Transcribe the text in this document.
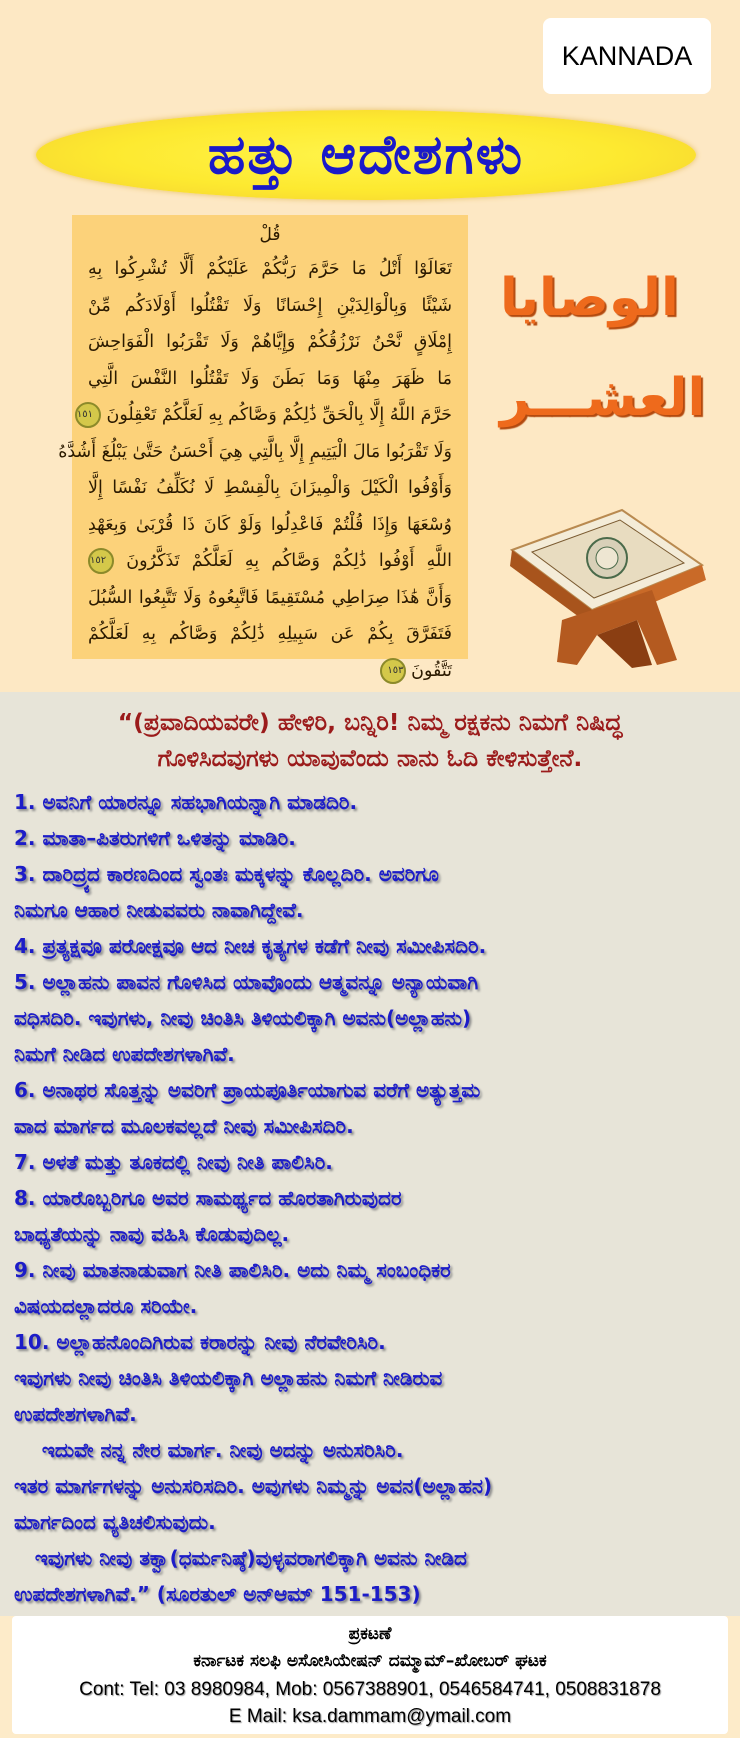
KANNADA
ಹತ್ತು ಆದೇಶಗಳು
قُلْ
تَعَالَوْا أَتْلُ مَا حَرَّمَ رَبُّكُمْ عَلَيْكُمْ أَلَّا تُشْرِكُوا بِهِ
شَيْئًا وَبِالْوَالِدَيْنِ إِحْسَانًا وَلَا تَقْتُلُوا أَوْلَادَكُم مِّنْ
إِمْلَاقٍ نَّحْنُ نَرْزُقُكُمْ وَإِيَّاهُمْ وَلَا تَقْرَبُوا الْفَوَاحِشَ
مَا ظَهَرَ مِنْهَا وَمَا بَطَنَ وَلَا تَقْتُلُوا النَّفْسَ الَّتِي
حَرَّمَ اللَّهُ إِلَّا بِالْحَقِّ ذَٰلِكُمْ وَصَّاكُم بِهِ لَعَلَّكُمْ تَعْقِلُونَ ١٥١
وَلَا تَقْرَبُوا مَالَ الْيَتِيمِ إِلَّا بِالَّتِي هِيَ أَحْسَنُ حَتَّىٰ يَبْلُغَ أَشُدَّهُ
وَأَوْفُوا الْكَيْلَ وَالْمِيزَانَ بِالْقِسْطِ لَا نُكَلِّفُ نَفْسًا إِلَّا
وُسْعَهَا وَإِذَا قُلْتُمْ فَاعْدِلُوا وَلَوْ كَانَ ذَا قُرْبَىٰ وَبِعَهْدِ
اللَّهِ أَوْفُوا ذَٰلِكُمْ وَصَّاكُم بِهِ لَعَلَّكُمْ تَذَكَّرُونَ ١٥٢
وَأَنَّ هَٰذَا صِرَاطِي مُسْتَقِيمًا فَاتَّبِعُوهُ وَلَا تَتَّبِعُوا السُّبُلَ
فَتَفَرَّقَ بِكُمْ عَن سَبِيلِهِ ذَٰلِكُمْ وَصَّاكُم بِهِ لَعَلَّكُمْ
تَتَّقُونَ ١٥٣
الوصايا
العشـــر
“(ಪ್ರವಾದಿಯವರೇ) ಹೇಳಿರಿ, ಬನ್ನಿರಿ! ನಿಮ್ಮ ರಕ್ಷಕನು ನಿಮಗೆ ನಿಷಿದ್ಧ
ಗೊಳಿಸಿದವುಗಳು ಯಾವುವೆಂದು ನಾನು ಓದಿ ಕೇಳಿಸುತ್ತೇನೆ.
1. ಅವನಿಗೆ ಯಾರನ್ನೂ ಸಹಭಾಗಿಯನ್ನಾಗಿ ಮಾಡದಿರಿ.
2. ಮಾತಾ–ಪಿತರುಗಳಿಗೆ ಒಳಿತನ್ನು ಮಾಡಿರಿ.
3. ದಾರಿದ್ರ್ಯದ ಕಾರಣದಿಂದ ಸ್ವಂತಃ ಮಕ್ಕಳನ್ನು ಕೊಲ್ಲದಿರಿ. ಅವರಿಗೂ
ನಿಮಗೂ ಆಹಾರ ನೀಡುವವರು ನಾವಾಗಿದ್ದೇವೆ.
4. ಪ್ರತ್ಯಕ್ಷವೂ ಪರೋಕ್ಷವೂ ಆದ ನೀಚ ಕೃತ್ಯಗಳ ಕಡೆಗೆ ನೀವು ಸಮೀಪಿಸದಿರಿ.
5. ಅಲ್ಲಾಹನು ಪಾವನ ಗೊಳಿಸಿದ ಯಾವೊಂದು ಆತ್ಮವನ್ನೂ ಅನ್ಯಾಯವಾಗಿ
ವಧಿಸದಿರಿ. ಇವುಗಳು, ನೀವು ಚಿಂತಿಸಿ ತಿಳಿಯಲಿಕ್ಕಾಗಿ ಅವನು(ಅಲ್ಲಾಹನು)
ನಿಮಗೆ ನೀಡಿದ ಉಪದೇಶಗಳಾಗಿವೆ.
6. ಅನಾಥರ ಸೊತ್ತನ್ನು ಅವರಿಗೆ ಪ್ರಾಯಪೂರ್ತಿಯಾಗುವ ವರೆಗೆ ಅತ್ಯುತ್ತಮ
ವಾದ ಮಾರ್ಗದ ಮೂಲಕವಲ್ಲದೆ ನೀವು ಸಮೀಪಿಸದಿರಿ.
7. ಅಳತೆ ಮತ್ತು ತೂಕದಲ್ಲಿ ನೀವು ನೀತಿ ಪಾಲಿಸಿರಿ.
8. ಯಾರೊಬ್ಬರಿಗೂ ಅವರ ಸಾಮರ್ಥ್ಯದ ಹೊರತಾಗಿರುವುದರ
ಬಾಧ್ಯತೆಯನ್ನು ನಾವು ವಹಿಸಿ ಕೊಡುವುದಿಲ್ಲ.
9. ನೀವು ಮಾತನಾಡುವಾಗ ನೀತಿ ಪಾಲಿಸಿರಿ. ಅದು ನಿಮ್ಮ ಸಂಬಂಧಿಕರ
ವಿಷಯದಲ್ಲಾದರೂ ಸರಿಯೇ.
10. ಅಲ್ಲಾಹನೊಂದಿಗಿರುವ ಕರಾರನ್ನು ನೀವು ನೆರವೇರಿಸಿರಿ.
ಇವುಗಳು ನೀವು ಚಿಂತಿಸಿ ತಿಳಿಯಲಿಕ್ಕಾಗಿ ಅಲ್ಲಾಹನು ನಿಮಗೆ ನೀಡಿರುವ
ಉಪದೇಶಗಳಾಗಿವೆ.
ಇದುವೇ ನನ್ನ ನೇರ ಮಾರ್ಗ. ನೀವು ಅದನ್ನು ಅನುಸರಿಸಿರಿ.
ಇತರ ಮಾರ್ಗಗಳನ್ನು ಅನುಸರಿಸದಿರಿ. ಅವುಗಳು ನಿಮ್ಮನ್ನು ಅವನ(ಅಲ್ಲಾಹನ)
ಮಾರ್ಗದಿಂದ ವ್ಯತಿಚಲಿಸುವುದು.
ಇವುಗಳು ನೀವು ತಕ್ವಾ(ಧರ್ಮನಿಷ್ಠೆ)ವುಳ್ಳವರಾಗಲಿಕ್ಕಾಗಿ ಅವನು ನೀಡಿದ
ಉಪದೇಶಗಳಾಗಿವೆ.” (ಸೂರತುಲ್ ಅನ್‌ಆಮ್ 151-153)
ಪ್ರಕಟಣೆ
ಕರ್ನಾಟಕ ಸಲಫಿ ಅಸೋಸಿಯೇಷನ್ ದಮ್ಮಾಮ್–ಖೋಬರ್ ಘಟಕ
Cont: Tel: 03 8980984, Mob: 0567388901, 0546584741, 0508831878
E Mail: ksa.dammam@ymail.com
